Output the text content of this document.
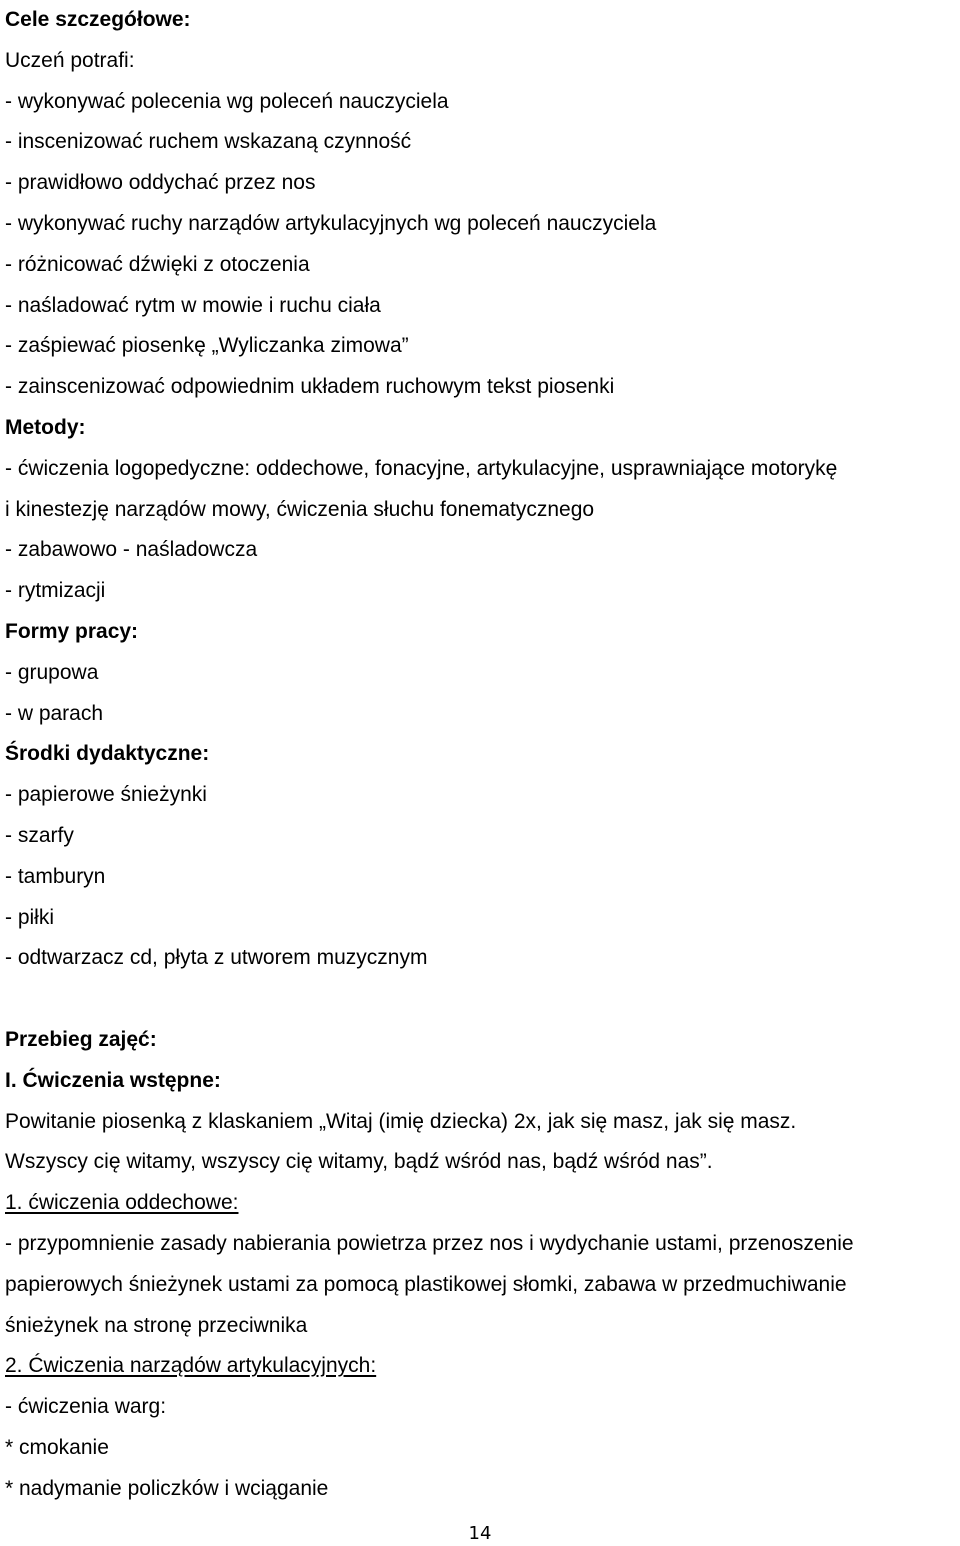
Cele szczegółowe:
Uczeń potrafi:
- wykonywać polecenia wg poleceń nauczyciela
- inscenizować ruchem wskazaną czynność
- prawidłowo oddychać przez nos
- wykonywać ruchy narządów artykulacyjnych wg poleceń nauczyciela
- różnicować dźwięki z otoczenia
- naśladować rytm w mowie i ruchu ciała
- zaśpiewać piosenkę „Wyliczanka zimowa”
- zainscenizować odpowiednim układem ruchowym tekst piosenki
Metody:
- ćwiczenia logopedyczne: oddechowe, fonacyjne, artykulacyjne, usprawniające motorykę
i kinestezję narządów mowy, ćwiczenia słuchu fonematycznego
- zabawowo - naśladowcza
- rytmizacji
Formy pracy:
- grupowa
- w parach
Środki dydaktyczne:
- papierowe śnieżynki
- szarfy
- tamburyn
- piłki
- odtwarzacz cd, płyta z utworem muzycznym
Przebieg zajęć:
I. Ćwiczenia wstępne:
Powitanie piosenką z klaskaniem „Witaj (imię dziecka) 2x, jak się masz, jak się masz.
Wszyscy cię witamy, wszyscy cię witamy, bądź wśród nas, bądź wśród nas”.
1. ćwiczenia oddechowe:
- przypomnienie zasady nabierania powietrza przez nos i wydychanie ustami, przenoszenie
papierowych śnieżynek ustami za pomocą plastikowej słomki, zabawa w przedmuchiwanie
śnieżynek na stronę przeciwnika
2. Ćwiczenia narządów artykulacyjnych:
- ćwiczenia warg:
* cmokanie
* nadymanie policzków i wciąganie
14
